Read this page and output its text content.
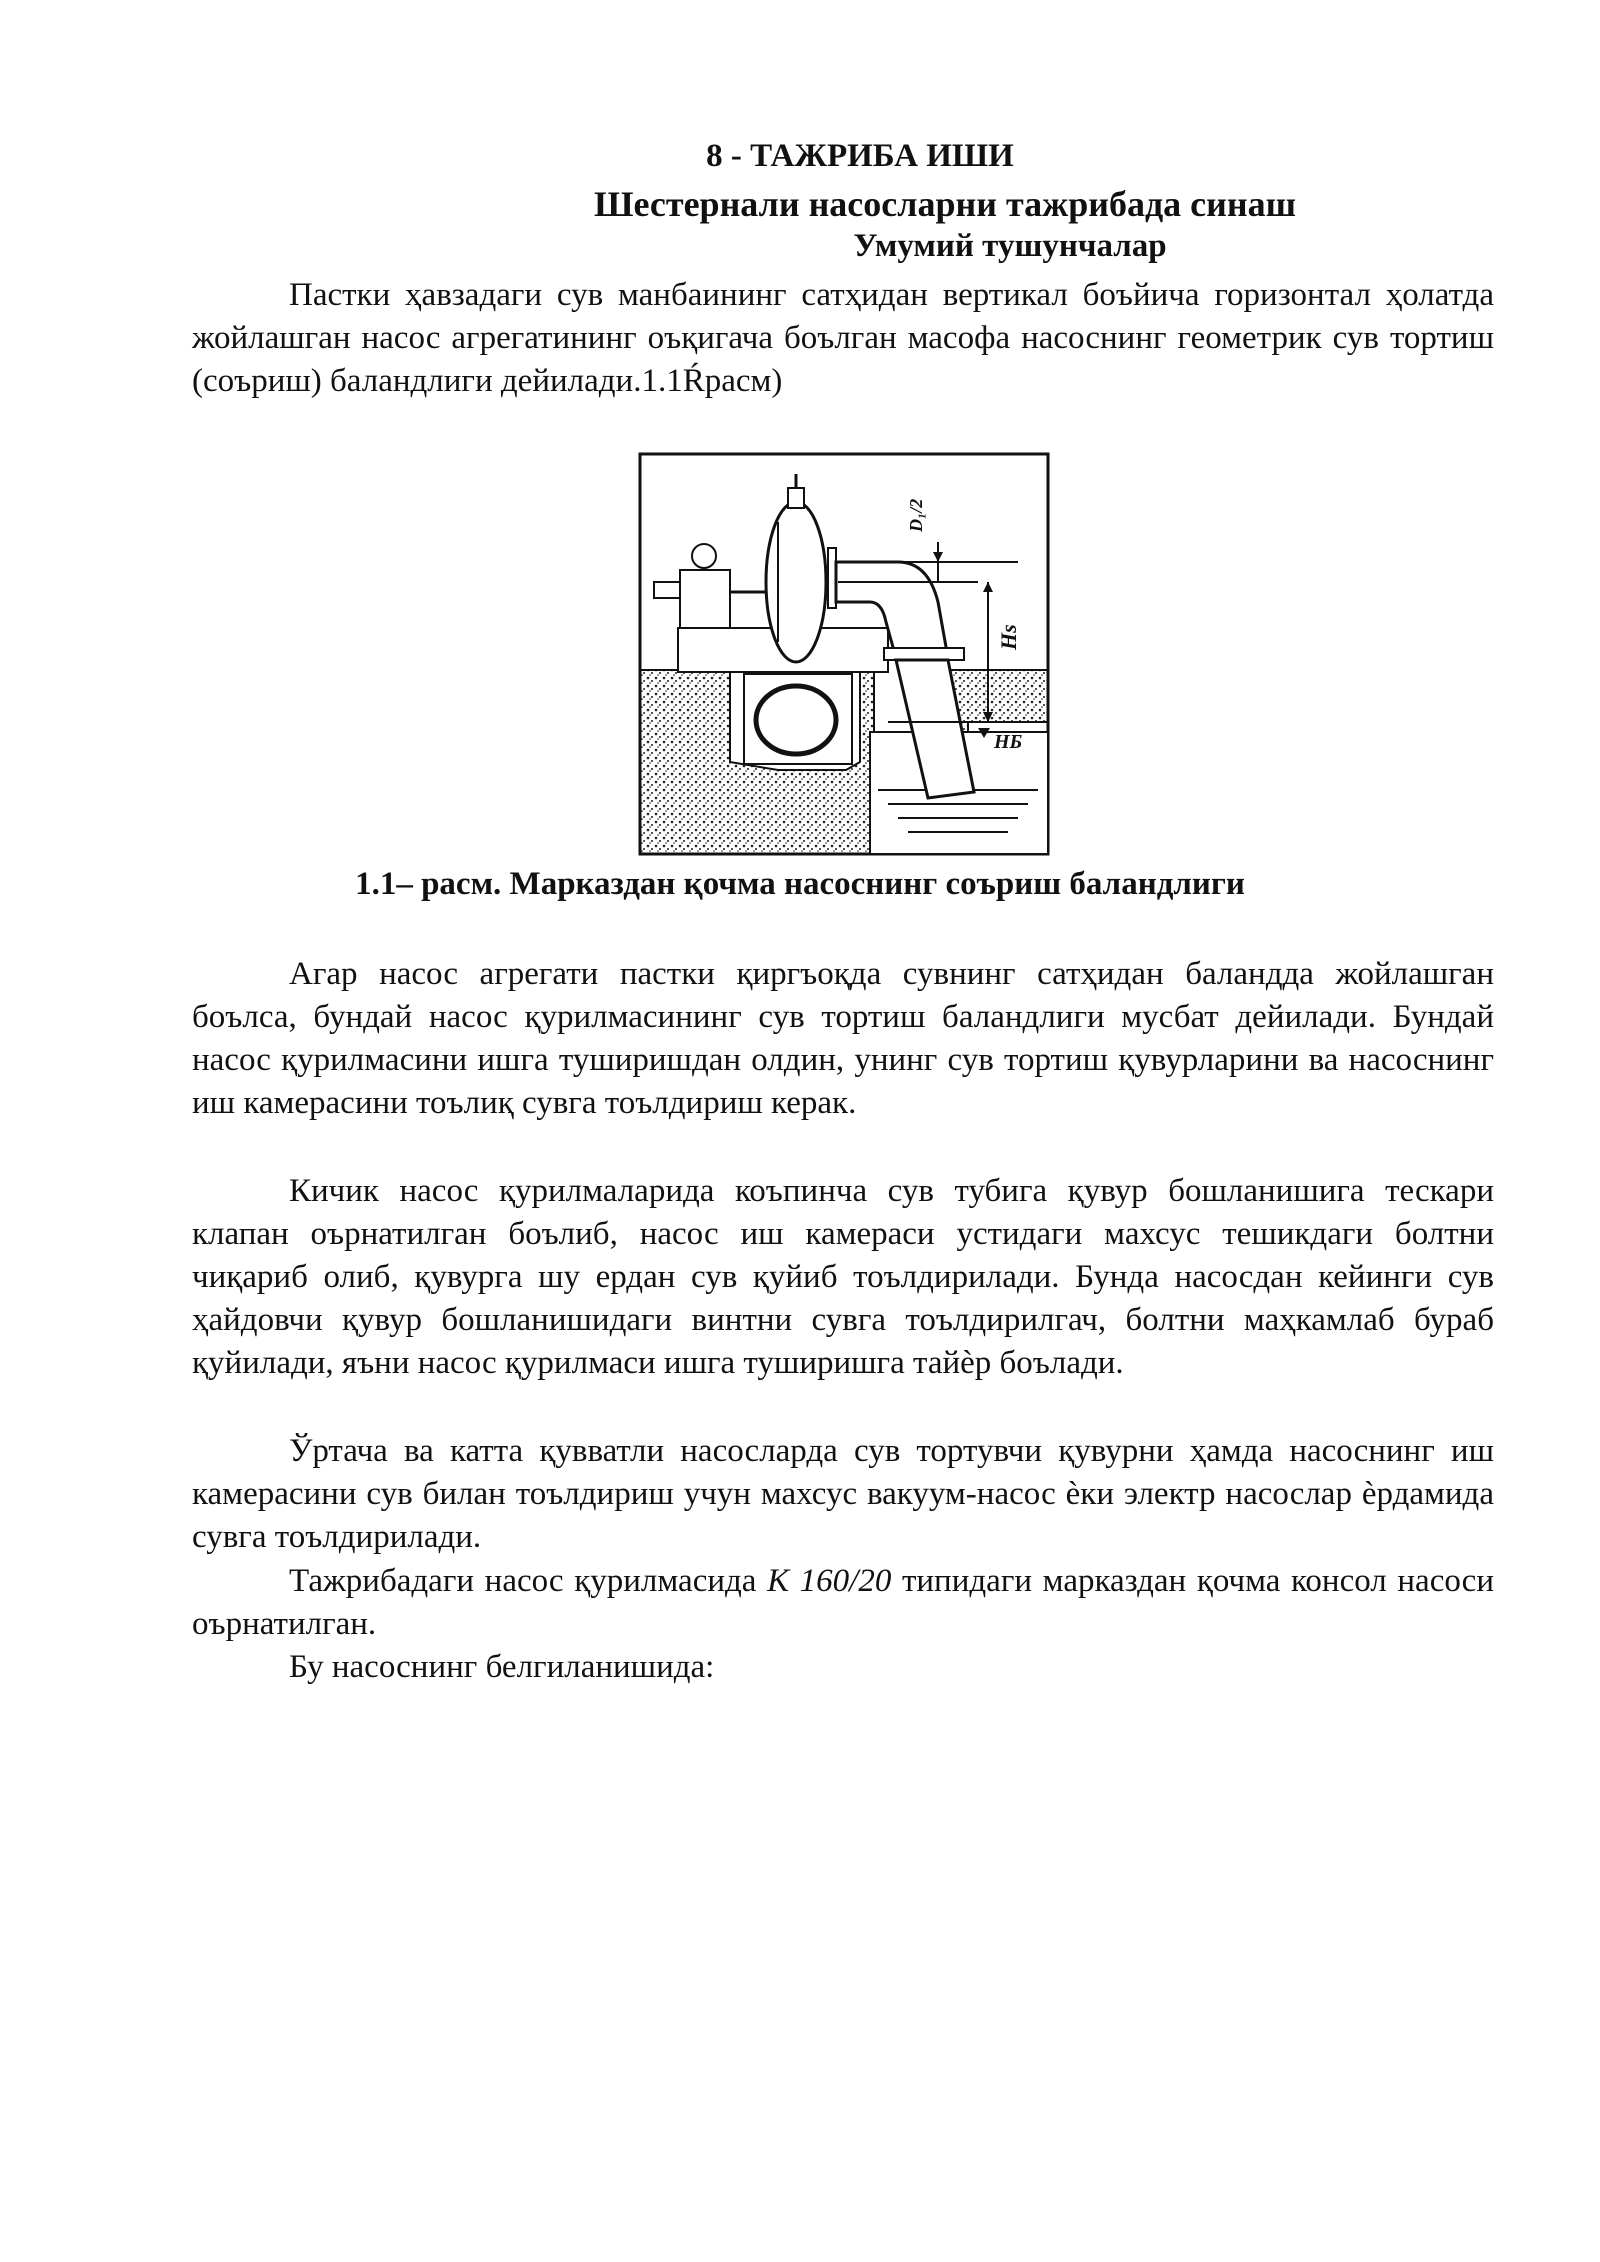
8 - ТАЖРИБА ИШИ
Шестернали насосларни тажрибада синаш
Умумий тушунчалар

Пастки ҳавзадаги сув манбаининг сатҳидан вертикал боъйича горизонтал ҳолатда жойлашган насос агрегатининг оъқигача боълган масофа насоснинг геометрик сув тортиш (соъриш) баландлиги дейилади.1.1Ŕрасм)

D₁/2
Hs
НБ
1.1– расм. Марказдан қочма насоснинг соъриш баландлиги

Агар насос агрегати пастки қиргъоқда сувнинг сатҳидан баландда жойлашган боълса, бундай насос қурилмасининг сув тортиш баландлиги мусбат дейилади. Бундай насос қурилмасини ишга туширишдан олдин, унинг сув тортиш қувурларини ва насоснинг иш камерасини тоълиқ сувга тоълдириш керак.

Кичик насос қурилмаларида коъпинча сув тубига қувур бошланишига тескари клапан оърнатилган боълиб, насос иш камераси устидаги махсус тешикдаги болтни чиқариб олиб, қувурга шу ердан сув қуйиб тоълдирилади. Бунда насосдан кейинги сув ҳайдовчи қувур бошланишидаги винтни сувга тоълдирилгач, болтни маҳкамлаб бураб қуйилади, яъни насос қурилмаси ишга туширишга тайѐр боълади.

Ўртача ва катта қувватли насосларда сув тортувчи қувурни ҳамда насоснинг иш камерасини сув билан тоълдириш учун махсус вакуум-насос ѐки электр насослар ѐрдамида сувга тоълдирилади.

Тажрибадаги насос қурилмасида К 160/20 типидаги марказдан қочма консол насоси оърнатилган.

Бу насоснинг белгиланишида:
